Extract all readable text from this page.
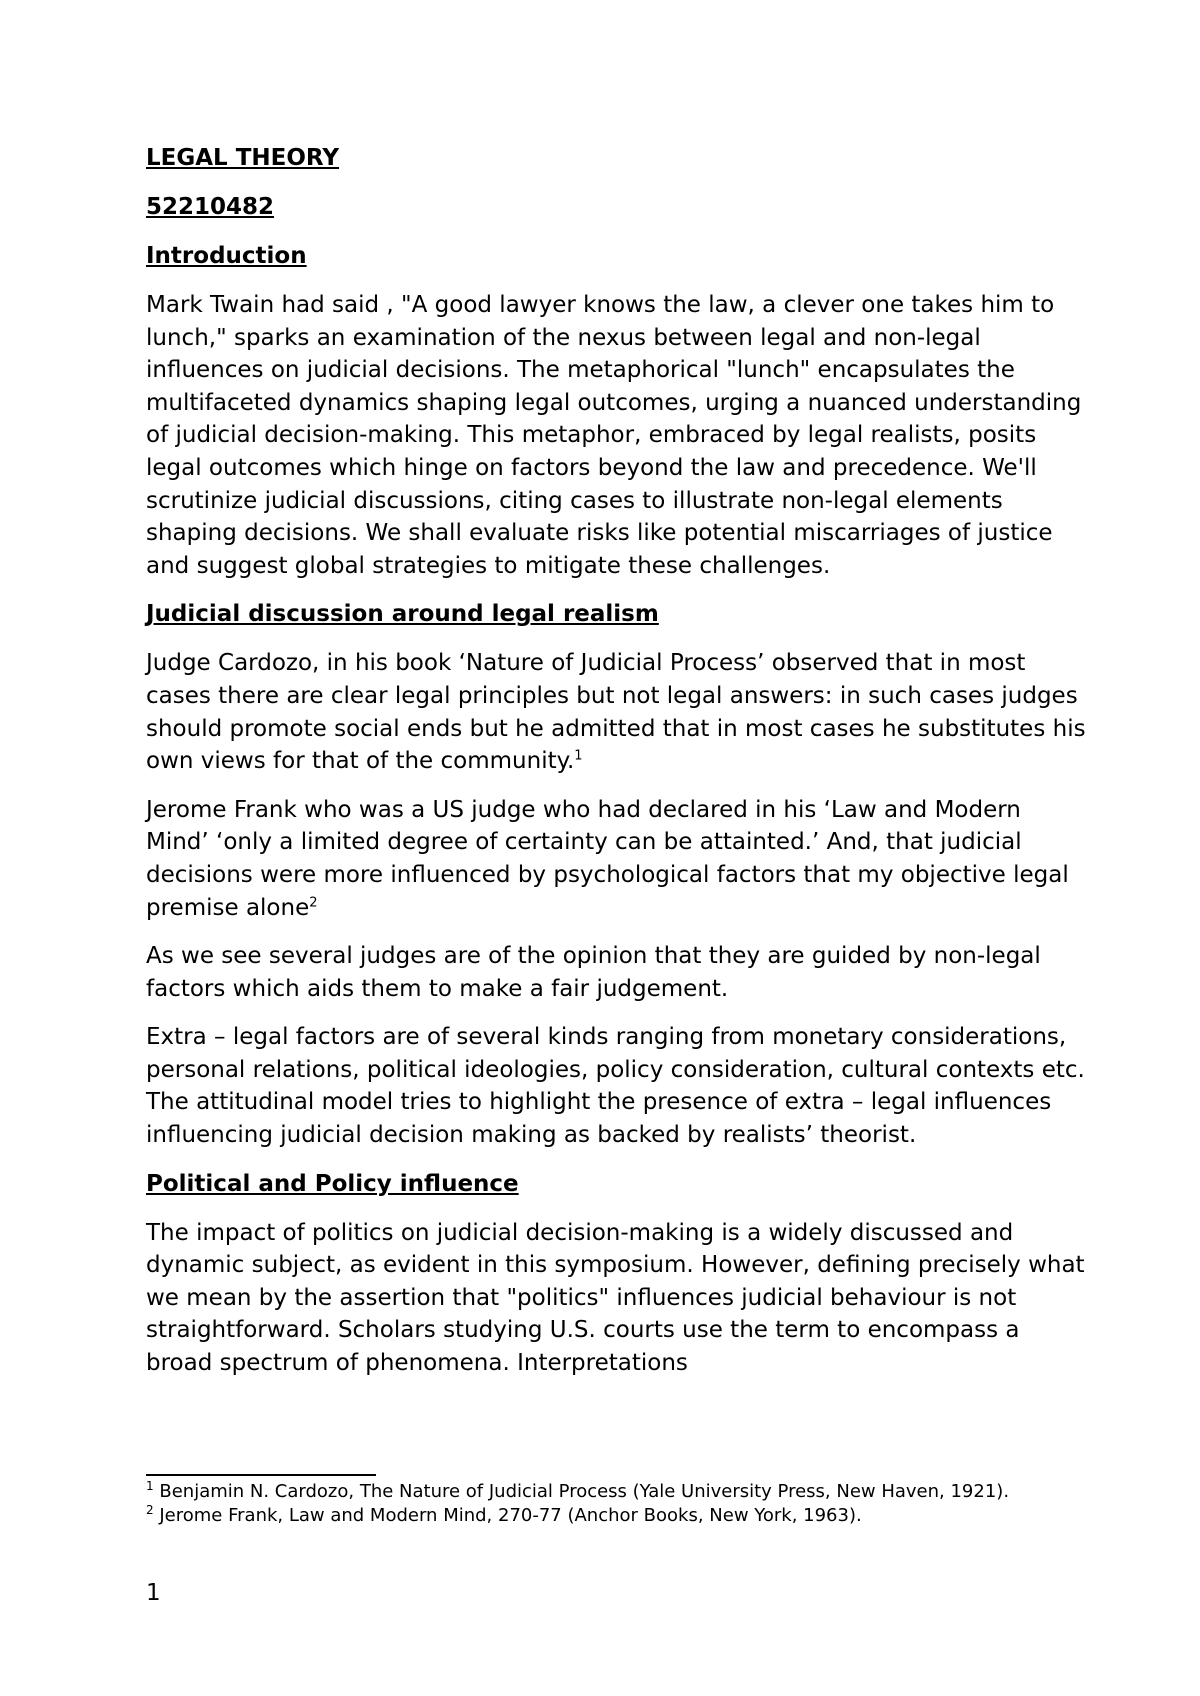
LEGAL THEORY
52210482
Introduction

Mark Twain had said , "A good lawyer knows the law, a clever one takes him to lunch," sparks an examination of the nexus between legal and non-legal influences on judicial decisions. The metaphorical "lunch" encapsulates the multifaceted dynamics shaping legal outcomes, urging a nuanced understanding of judicial decision-making. This metaphor, embraced by legal realists, posits legal outcomes which hinge on factors beyond the law and precedence. We'll scrutinize judicial discussions, citing cases to illustrate non-legal elements shaping decisions. We shall evaluate risks like potential miscarriages of justice and suggest global strategies to mitigate these challenges.

Judicial discussion around legal realism

Judge Cardozo, in his book ‘Nature of Judicial Process’ observed that in most cases there are clear legal principles but not legal answers: in such cases judges should promote social ends but he admitted that in most cases he substitutes his own views for that of the community.$^1$

Jerome Frank who was a US judge who had declared in his ‘Law and Modern Mind’ ‘only a limited degree of certainty can be attainted.’ And, that judicial decisions were more influenced by psychological factors that my objective legal premise alone$^2$

As we see several judges are of the opinion that they are guided by non-legal factors which aids them to make a fair judgement.

Extra – legal factors are of several kinds ranging from monetary considerations, personal relations, political ideologies, policy consideration, cultural contexts etc. The attitudinal model tries to highlight the presence of extra – legal influences influencing judicial decision making as backed by realists’ theorist.

Political and Policy influence

The impact of politics on judicial decision-making is a widely discussed and dynamic subject, as evident in this symposium. However, defining precisely what we mean by the assertion that "politics" influences judicial behaviour is not straightforward. Scholars studying U.S. courts use the term to encompass a broad spectrum of phenomena. Interpretations

$^1$ Benjamin N. Cardozo, The Nature of Judicial Process (Yale University Press, New Haven, 1921).

$^2$ Jerome Frank, Law and Modern Mind, 270-77 (Anchor Books, New York, 1963).

1
